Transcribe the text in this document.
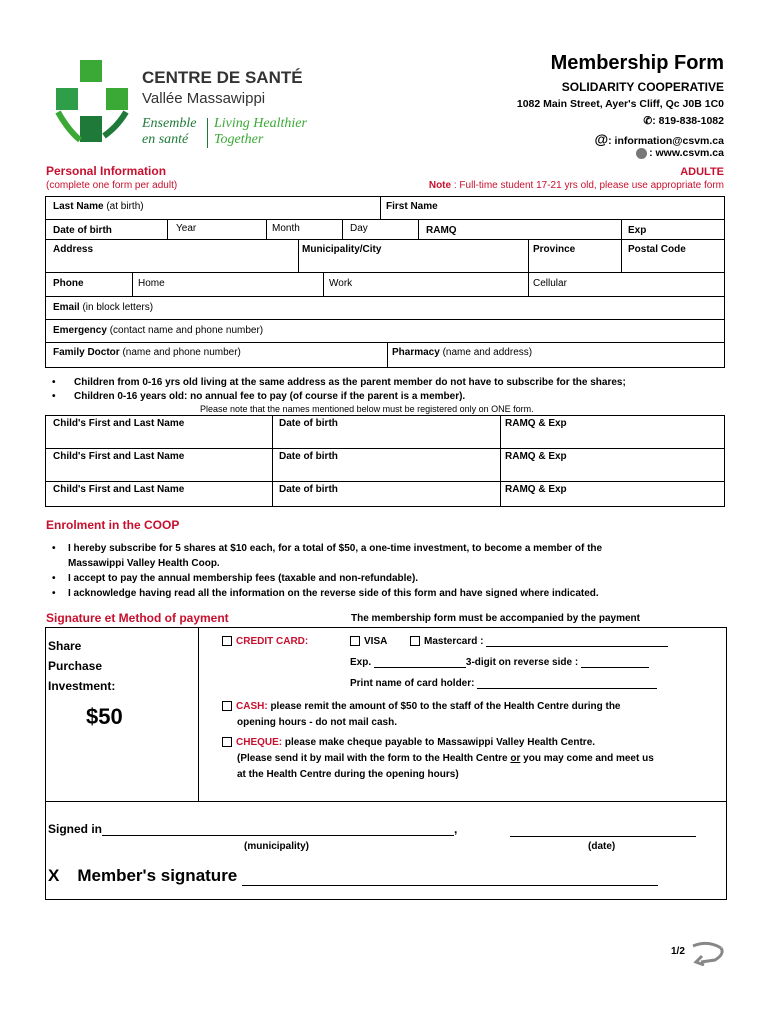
CENTRE DE SANTÉ
Vallée Massawippi
Ensemble
en santé
Living Healthier
Together
Membership Form
SOLIDARITY COOPERATIVE
1082 Main Street, Ayer's Cliff, Qc J0B 1C0
✆: 819-838-1082
@: information@csvm.ca
: www.csvm.ca
Personal Information
(complete one form per adult)
ADULTE
Note : Full-time student 17-21 yrs old, please use appropriate form
Last Name (at birth)	First Name
Date of birth	Year	Month	Day	RAMQ	Exp
Address	Municipality/City	Province	Postal Code
Phone	Home	Work	Cellular
Email (in block letters)
Emergency (contact name and phone number)
Family Doctor (name and phone number)	Pharmacy (name and address)
• Children from 0-16 yrs old living at the same address as the parent member do not have to subscribe for the shares;
• Children 0-16 years old: no annual fee to pay (of course if the parent is a member).
Please note that the names mentioned below must be registered only on ONE form.
Child's First and Last Name	Date of birth	RAMQ & Exp
Child's First and Last Name	Date of birth	RAMQ & Exp
Child's First and Last Name	Date of birth	RAMQ & Exp
Enrolment in the COOP
• I hereby subscribe for 5 shares at $10 each, for a total of $50, a one-time investment, to become a member of the
Massawippi Valley Health Coop.
• I accept to pay the annual membership fees (taxable and non-refundable).
• I acknowledge having read all the information on the reverse side of this form and have signed where indicated.
Signature et Method of payment	The membership form must be accompanied by the payment
Share
Purchase
Investment:
$50
CREDIT CARD:	VISA	Mastercard :
Exp.	3-digit on reverse side :
Print name of card holder:
CASH: please remit the amount of $50 to the staff of the Health Centre during the
opening hours - do not mail cash.
CHEQUE: please make cheque payable to Massawippi Valley Health Centre.
(Please send it by mail with the form to the Health Centre or you may come and meet us
at the Health Centre during the opening hours)
Signed in	,
(municipality)	(date)
X Member's signature
1/2
